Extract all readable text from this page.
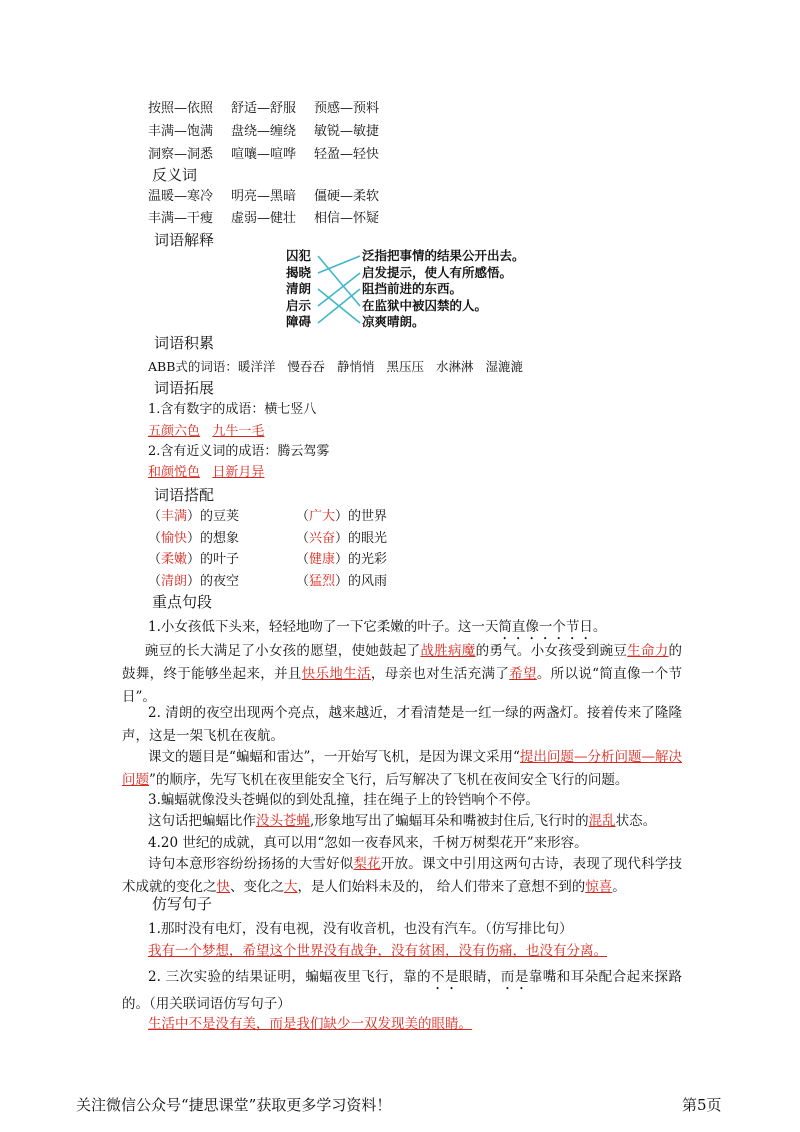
按照—依照 舒适—舒服 预感—预料
丰满—饱满 盘绕—缠绕 敏锐—敏捷
洞察—洞悉 喧嚷—喧哗 轻盈—轻快
反义词
温暖—寒冷 明亮—黑暗 僵硬—柔软
丰满—干瘦 虚弱—健壮 相信—怀疑
词语解释
囚犯
揭晓
清朗
启示
障碍
泛指把事情的结果公开出去。
启发提示，使人有所感悟。
阻挡前进的东西。
在监狱中被囚禁的人。
凉爽晴朗。
词语积累
ABB式的词语：暖洋洋 慢吞吞 静悄悄 黑压压 水淋淋 湿漉漉
词语拓展
1.含有数字的成语：横七竖八
五颜六色 九牛一毛
2.含有近义词的成语：腾云驾雾
和颜悦色 日新月异
词语搭配
（丰满）的豆荚	（广大）的世界
（愉快）的想象	（兴奋）的眼光
（柔嫩）的叶子	（健康）的光彩
（清朗）的夜空	（猛烈）的风雨
重点句段
1.小女孩低下头来，轻轻地吻了一下它柔嫩的叶子。这一天简直像一个节日。
豌豆的长大满足了小女孩的愿望，使她鼓起了战胜病魔的勇气。小女孩受到豌豆生命力的鼓舞，终于能够坐起来，并且快乐地生活，母亲也对生活充满了希望。所以说“简直像一个节日”。
2. 清朗的夜空出现两个亮点，越来越近，才看清楚是一红一绿的两盏灯。接着传来了隆隆声，这是一架飞机在夜航。
课文的题目是“蝙蝠和雷达”，一开始写飞机，是因为课文采用“提出问题—分析问题—解决问题”的顺序，先写飞机在夜里能安全飞行，后写解决了飞机在夜间安全飞行的问题。
3.蝙蝠就像没头苍蝇似的到处乱撞，挂在绳子上的铃铛响个不停。
这句话把蝙蝠比作没头苍蝇,形象地写出了蝙蝠耳朵和嘴被封住后,飞行时的混乱状态。
4.20 世纪的成就，真可以用“忽如一夜春风来，千树万树梨花开”来形容。
诗句本意形容纷纷扬扬的大雪好似梨花开放。课文中引用这两句古诗，表现了现代科学技术成就的变化之快、变化之大，是人们始料未及的， 给人们带来了意想不到的惊喜。
仿写句子
1.那时没有电灯，没有电视，没有收音机，也没有汽车。（仿写排比句）
我有一个梦想，希望这个世界没有战争，没有贫困，没有伤痛，也没有分离。
2. 三次实验的结果证明，蝙蝠夜里飞行，靠的不是眼睛，而是靠嘴和耳朵配合起来探路的。（用关联词语仿写句子）
生活中不是没有美，而是我们缺少一双发现美的眼睛。
关注微信公众号“捷思课堂”获取更多学习资料！	第5页
